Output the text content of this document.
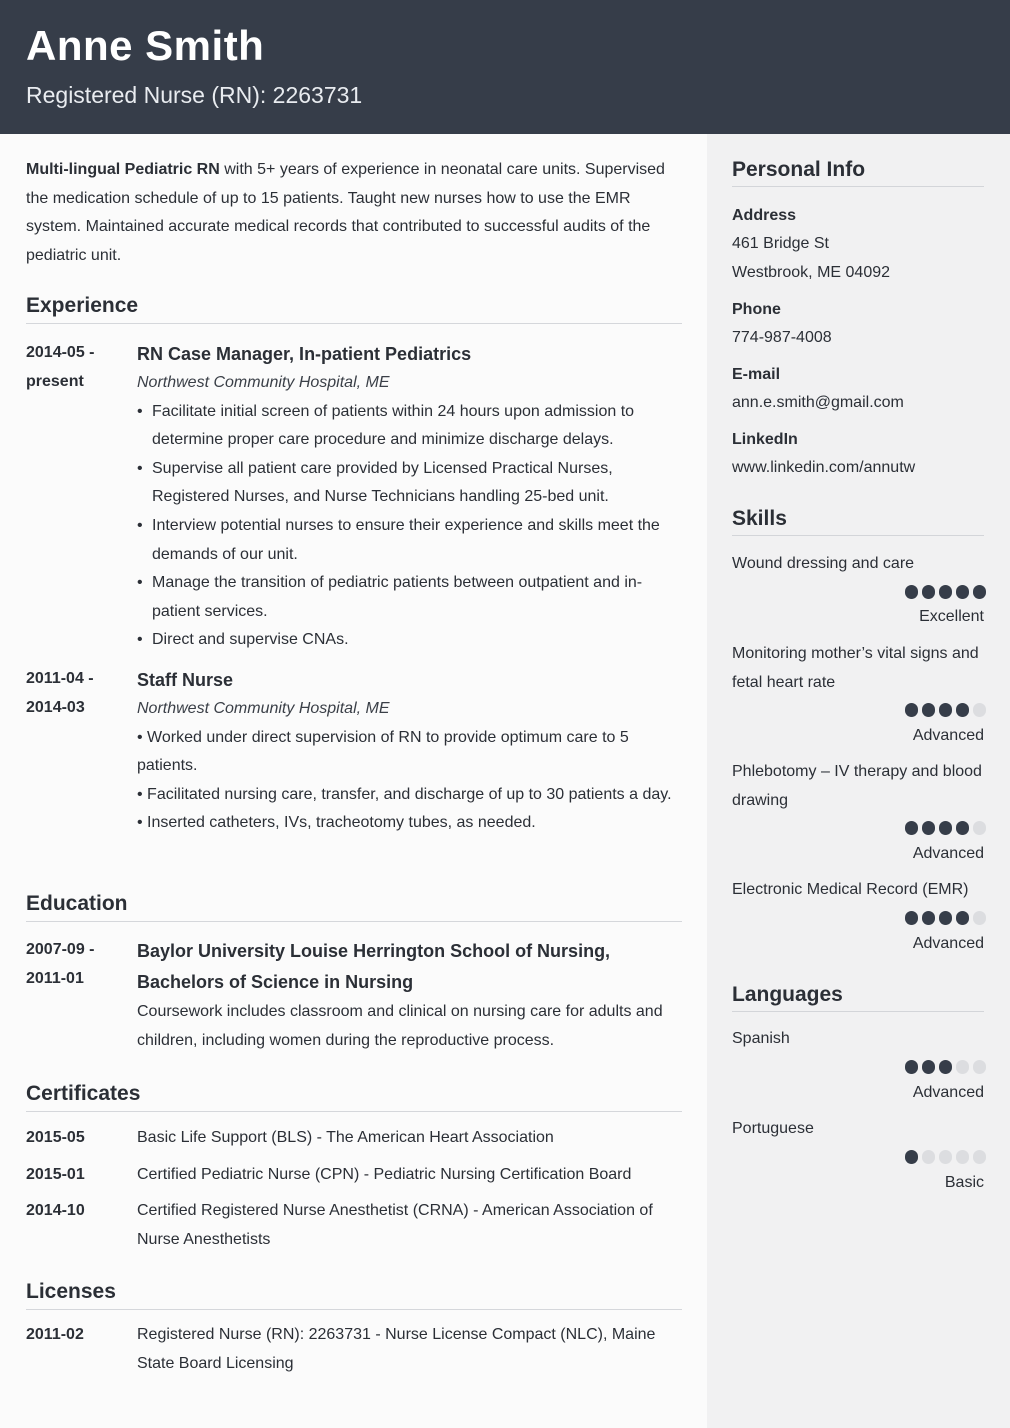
Anne Smith
Registered Nurse (RN): 2263731
Personal Info
Address
461 Bridge St
Westbrook, ME 04092
Phone
774-987-4008
E-mail
ann.e.smith@gmail.com
LinkedIn
www.linkedin.com/annutw
Skills
Wound dressing and care
Excellent
Monitoring mother’s vital signs and fetal heart rate
Advanced
Phlebotomy – IV therapy and blood drawing
Advanced
Electronic Medical Record (EMR)
Advanced
Languages
Spanish
Advanced
Portuguese
Basic
Multi-lingual Pediatric RN with 5+ years of experience in neonatal care units. Supervised the medication schedule of up to 15 patients. Taught new nurses how to use the EMR system. Maintained accurate medical records that contributed to successful audits of the pediatric unit.
Experience
2014-05 -
present
RN Case Manager, In-patient Pediatrics
Northwest Community Hospital, ME
• Facilitate initial screen of patients within 24 hours upon admission to determine proper care procedure and minimize discharge delays.
• Supervise all patient care provided by Licensed Practical Nurses, Registered Nurses, and Nurse Technicians handling 25-bed unit.
• Interview potential nurses to ensure their experience and skills meet the demands of our unit.
• Manage the transition of pediatric patients between outpatient and in-patient services.
• Direct and supervise CNAs.
2011-04 -
2014-03
Staff Nurse
Northwest Community Hospital, ME

• Worked under direct supervision of RN to provide optimum care to 5 patients.

• Facilitated nursing care, transfer, and discharge of up to 30 patients a day.

• Inserted catheters, IVs, tracheotomy tubes, as needed.

Education
2007-09 -
2011-01
Baylor University Louise Herrington School of Nursing, Bachelors of Science in Nursing
Coursework includes classroom and clinical on nursing care for adults and children, including women during the reproductive process.
Certificates
2015-05	Basic Life Support (BLS) - The American Heart Association
2015-01	Certified Pediatric Nurse (CPN) - Pediatric Nursing Certification Board
2014-10	Certified Registered Nurse Anesthetist (CRNA) - American Association of Nurse Anesthetists
Licenses
2011-02	Registered Nurse (RN): 2263731 - Nurse License Compact (NLC), Maine State Board Licensing
